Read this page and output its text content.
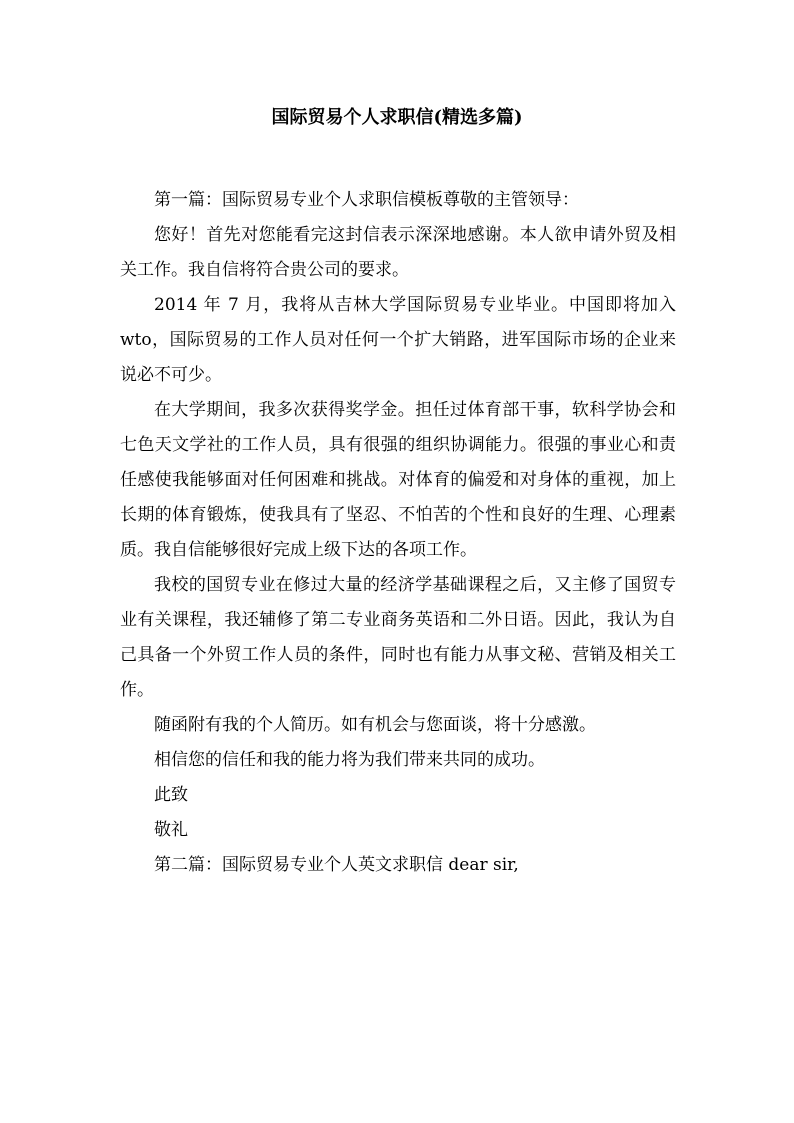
国际贸易个人求职信(精选多篇)

第一篇：国际贸易专业个人求职信模板尊敬的主管领导：

您好！首先对您能看完这封信表示深深地感谢。本人欲申请外贸及相关工作。我自信将符合贵公司的要求。

2014 年 7 月，我将从吉林大学国际贸易专业毕业。中国即将加入 wto，国际贸易的工作人员对任何一个扩大销路，进军国际市场的企业来说必不可少。

在大学期间，我多次获得奖学金。担任过体育部干事，软科学协会和七色天文学社的工作人员，具有很强的组织协调能力。很强的事业心和责任感使我能够面对任何困难和挑战。对体育的偏爱和对身体的重视，加上长期的体育锻炼，使我具有了坚忍、不怕苦的个性和良好的生理、心理素质。我自信能够很好完成上级下达的各项工作。

我校的国贸专业在修过大量的经济学基础课程之后，又主修了国贸专业有关课程，我还辅修了第二专业商务英语和二外日语。因此，我认为自己具备一个外贸工作人员的条件，同时也有能力从事文秘、营销及相关工作。

随函附有我的个人简历。如有机会与您面谈，将十分感激。

相信您的信任和我的能力将为我们带来共同的成功。

此致

敬礼

第二篇：国际贸易专业个人英文求职信 dear sir,
